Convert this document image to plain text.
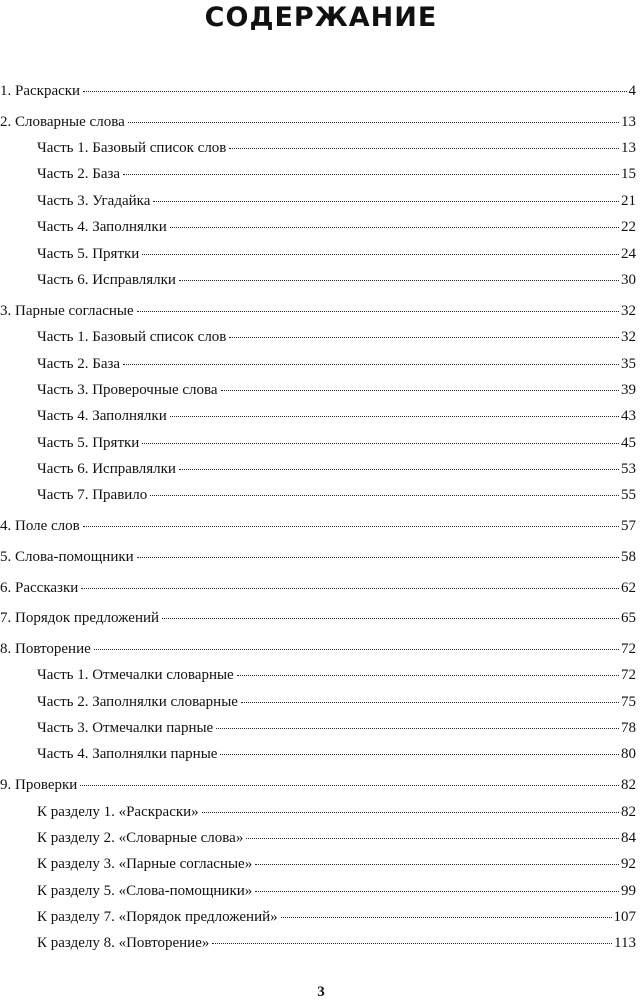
СОДЕРЖАНИЕ
1. Раскраски	4
2. Словарные слова	13
Часть 1. Базовый список слов	13
Часть 2. База	15
Часть 3. Угадайка	21
Часть 4. Заполнялки	22
Часть 5. Прятки	24
Часть 6. Исправлялки	30
3. Парные согласные	32
Часть 1. Базовый список слов	32
Часть 2. База	35
Часть 3. Проверочные слова	39
Часть 4. Заполнялки	43
Часть 5. Прятки	45
Часть 6. Исправлялки	53
Часть 7. Правило	55
4. Поле слов	57
5. Слова-помощники	58
6. Рассказки	62
7. Порядок предложений	65
8. Повторение	72
Часть 1. Отмечалки словарные	72
Часть 2. Заполнялки словарные	75
Часть 3. Отмечалки парные	78
Часть 4. Заполнялки парные	80
9. Проверки	82
К разделу 1. «Раскраски»	82
К разделу 2. «Словарные слова»	84
К разделу 3. «Парные согласные»	92
К разделу 5. «Слова-помощники»	99
К разделу 7. «Порядок предложений»	107
К разделу 8. «Повторение»	113
3
